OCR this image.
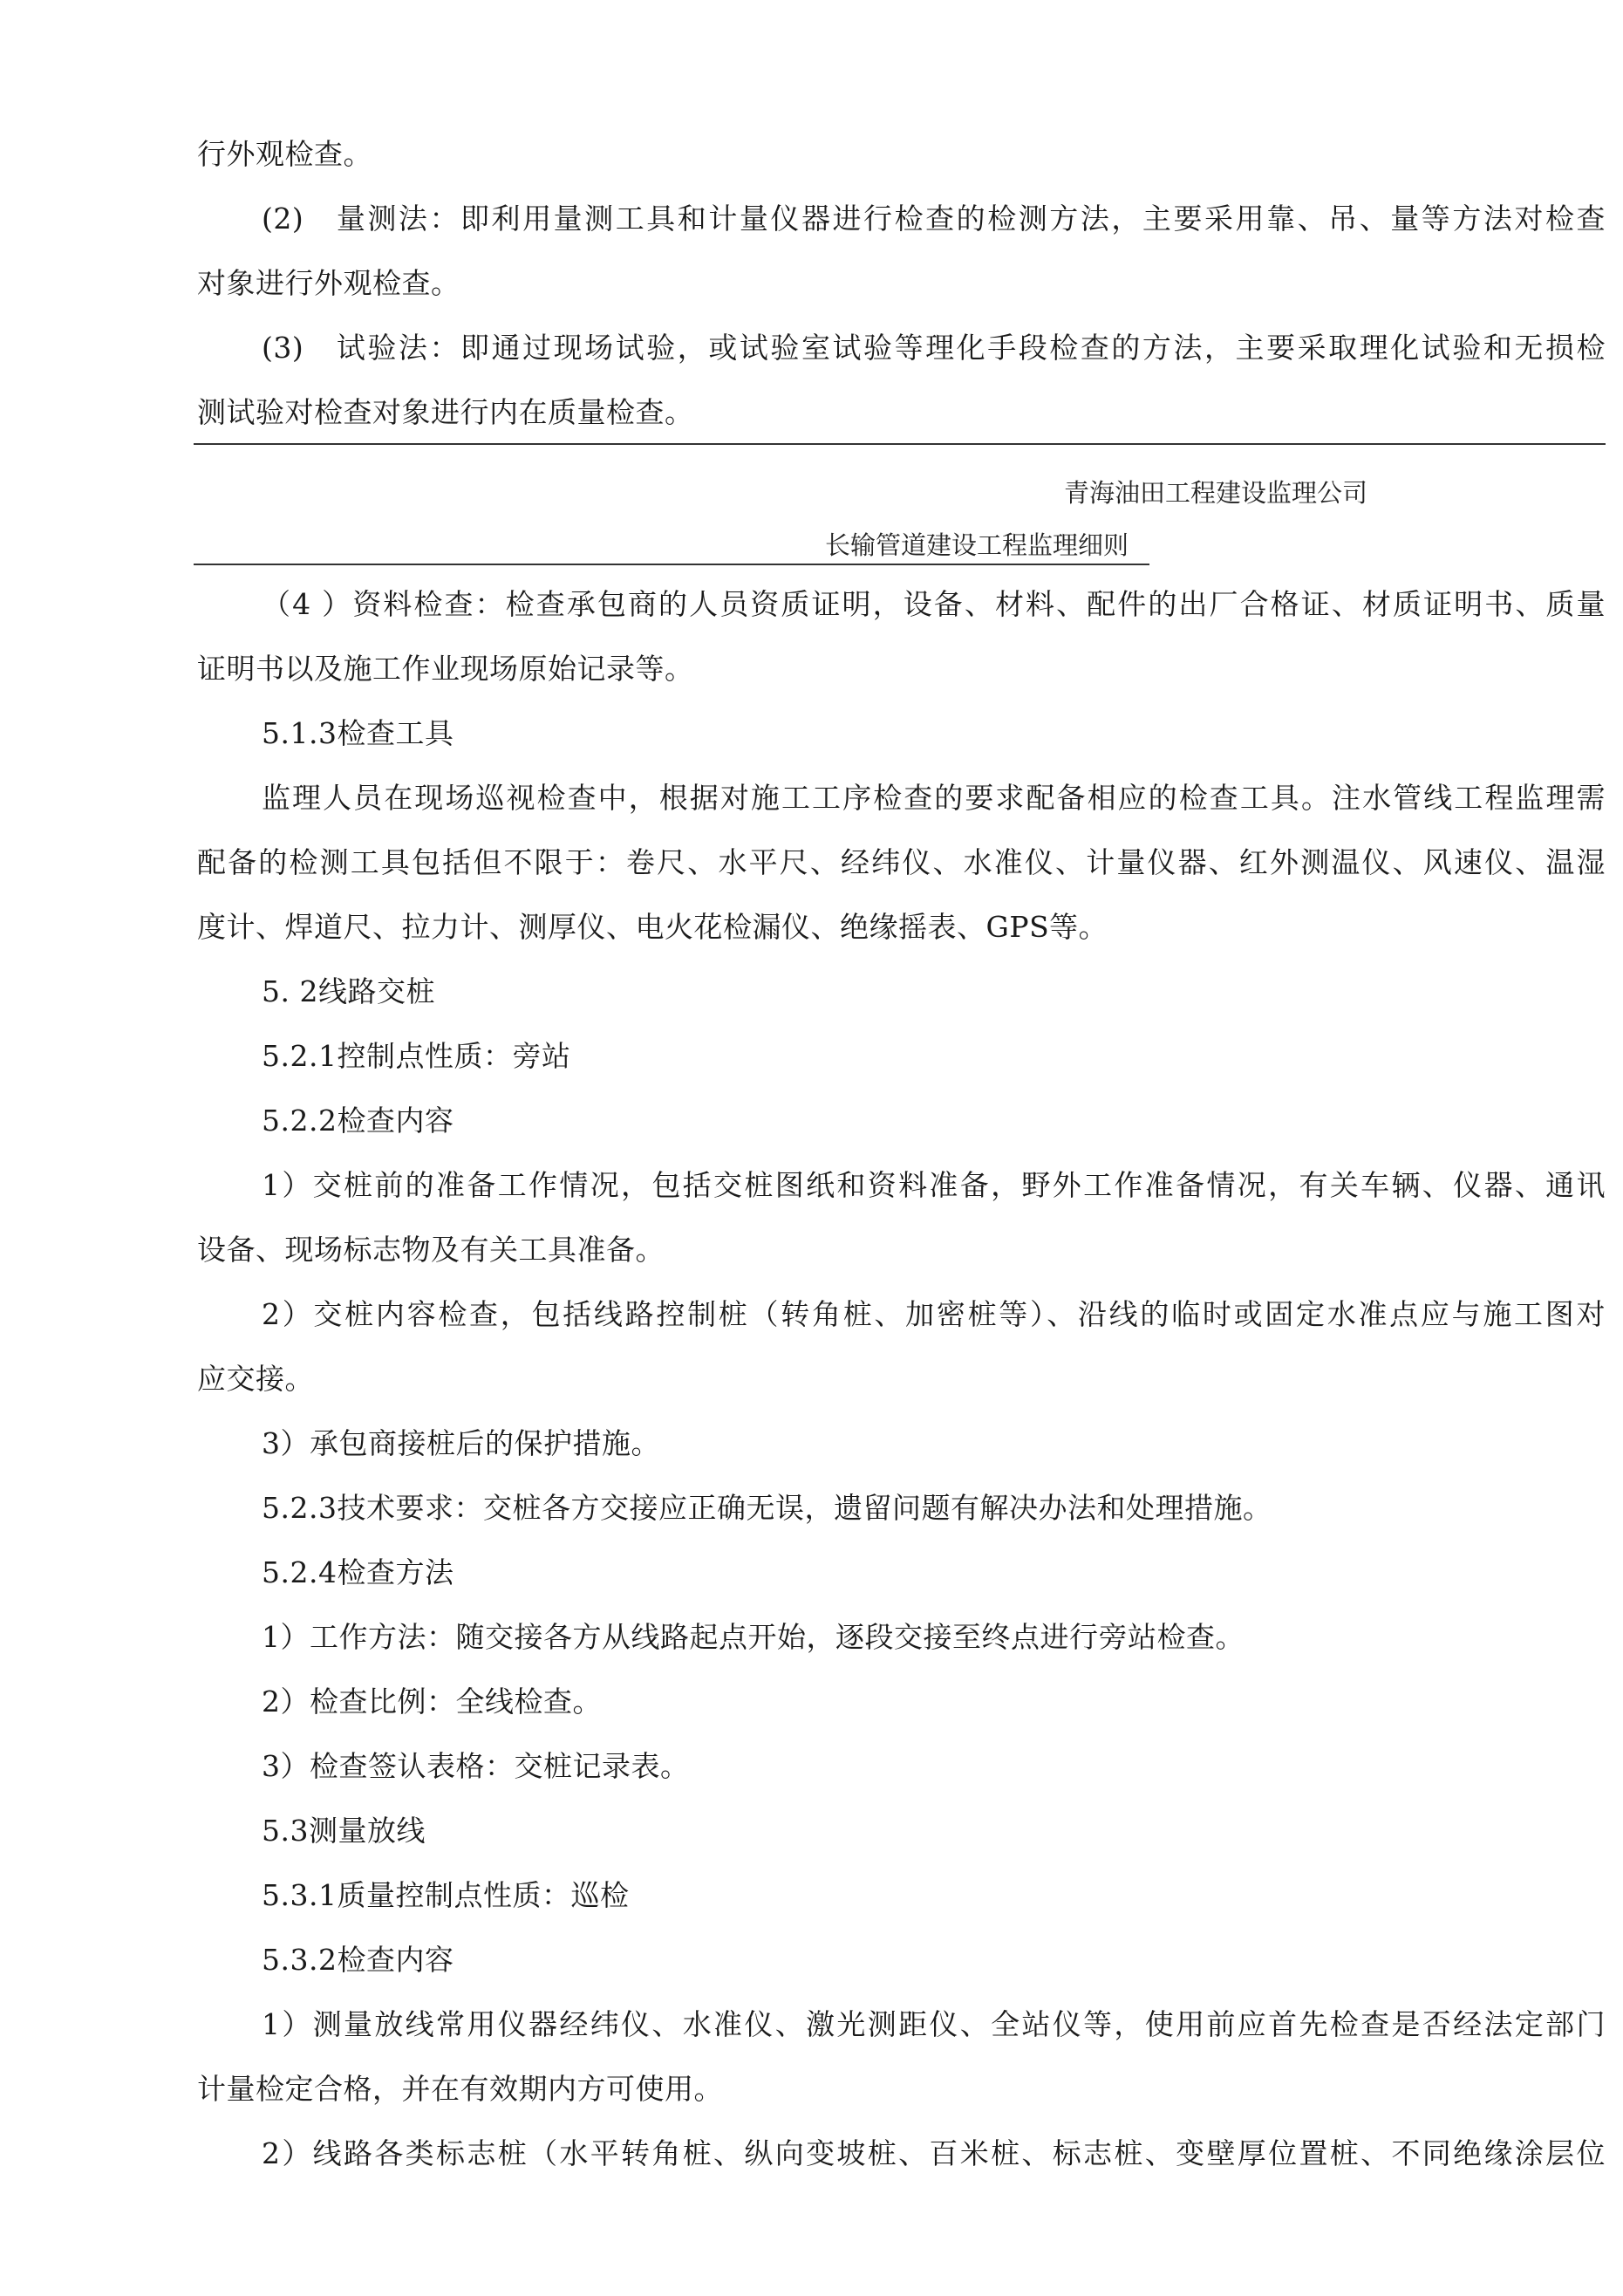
行外观检查。
(2)　量测法：即利用量测工具和计量仪器进行检查的检测方法，主要采用靠、吊、量等方法对检查
对象进行外观检查。
(3)　试验法：即通过现场试验，或试验室试验等理化手段检查的方法，主要采取理化试验和无损检
测试验对检查对象进行内在质量检查。
青海油田工程建设监理公司
长输管道建设工程监理细则
（4 ）资料检查：检查承包商的人员资质证明，设备、材料、配件的出厂合格证、材质证明书、质量
证明书以及施工作业现场原始记录等。
5.1.3检查工具
监理人员在现场巡视检查中，根据对施工工序检查的要求配备相应的检查工具。注水管线工程监理需
配备的检测工具包括但不限于：卷尺、水平尺、经纬仪、水准仪、计量仪器、红外测温仪、风速仪、温湿
度计、焊道尺、拉力计、测厚仪、电火花检漏仪、绝缘摇表、GPS等。
5. 2线路交桩
5.2.1控制点性质：旁站
5.2.2检查内容
1）交桩前的准备工作情况，包括交桩图纸和资料准备，野外工作准备情况，有关车辆、仪器、通讯
设备、现场标志物及有关工具准备。
2）交桩内容检查，包括线路控制桩（转角桩、加密桩等）、沿线的临时或固定水准点应与施工图对
应交接。
3）承包商接桩后的保护措施。
5.2.3技术要求：交桩各方交接应正确无误，遗留问题有解决办法和处理措施。
5.2.4检查方法
1）工作方法：随交接各方从线路起点开始，逐段交接至终点进行旁站检查。
2）检查比例：全线检查。
3）检查签认表格：交桩记录表。
5.3测量放线
5.3.1质量控制点性质：巡检
5.3.2检查内容
1）测量放线常用仪器经纬仪、水准仪、激光测距仪、全站仪等，使用前应首先检查是否经法定部门
计量检定合格，并在有效期内方可使用。
2）线路各类标志桩（水平转角桩、纵向变坡桩、百米桩、标志桩、变壁厚位置桩、不同绝缘涂层位
